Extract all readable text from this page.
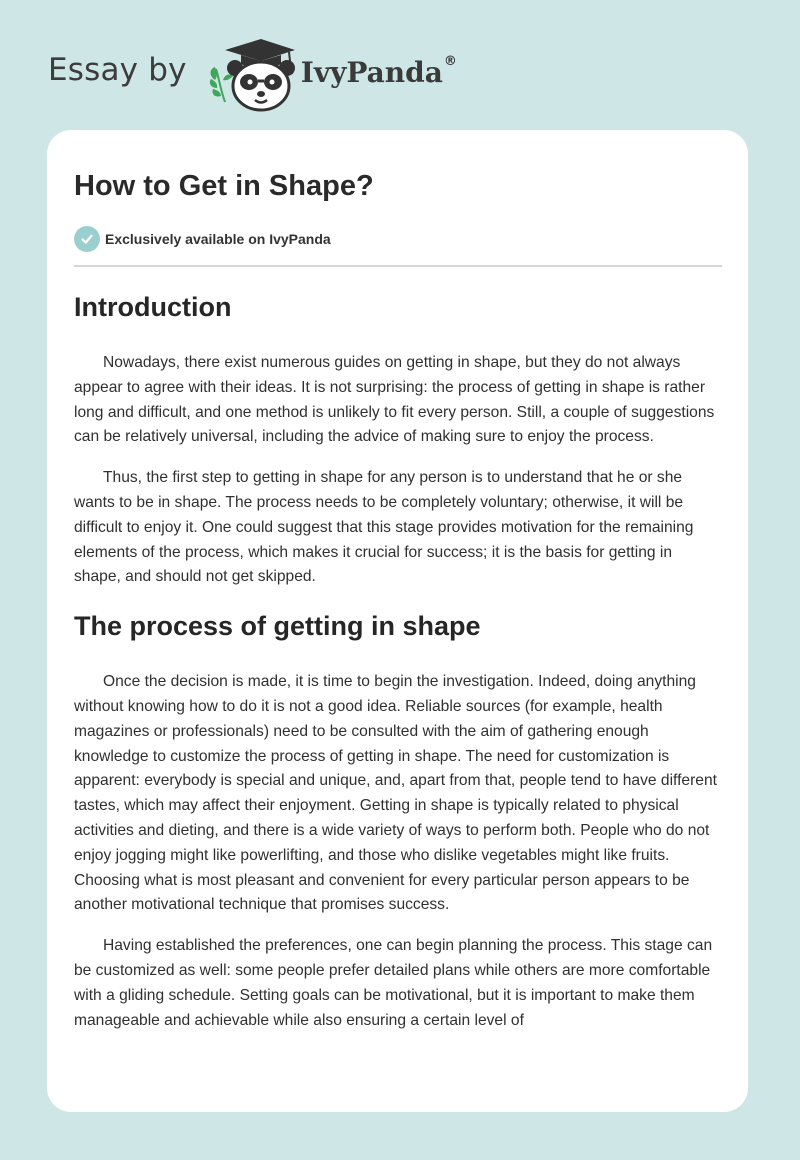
Essay by	IvyPanda®
How to Get in Shape?
Exclusively available on IvyPanda
Introduction

Nowadays, there exist numerous guides on getting in shape, but they do not always appear to agree with their ideas. It is not surprising: the process of getting in shape is rather long and difficult, and one method is unlikely to fit every person. Still, a couple of suggestions can be relatively universal, including the advice of making sure to enjoy the process.

Thus, the first step to getting in shape for any person is to understand that he or she wants to be in shape. The process needs to be completely voluntary; otherwise, it will be difficult to enjoy it. One could suggest that this stage provides motivation for the remaining elements of the process, which makes it crucial for success; it is the basis for getting in shape, and should not get skipped.

The process of getting in shape

Once the decision is made, it is time to begin the investigation. Indeed, doing anything without knowing how to do it is not a good idea. Reliable sources (for example, health magazines or professionals) need to be consulted with the aim of gathering enough knowledge to customize the process of getting in shape. The need for customization is apparent: everybody is special and unique, and, apart from that, people tend to have different tastes, which may affect their enjoyment. Getting in shape is typically related to physical activities and dieting, and there is a wide variety of ways to perform both. People who do not enjoy jogging might like powerlifting, and those who dislike vegetables might like fruits. Choosing what is most pleasant and convenient for every particular person appears to be another motivational technique that promises success.

Having established the preferences, one can begin planning the process. This stage can be customized as well: some people prefer detailed plans while others are more comfortable with a gliding schedule. Setting goals can be motivational, but it is important to make them manageable and achievable while also ensuring a certain level of
